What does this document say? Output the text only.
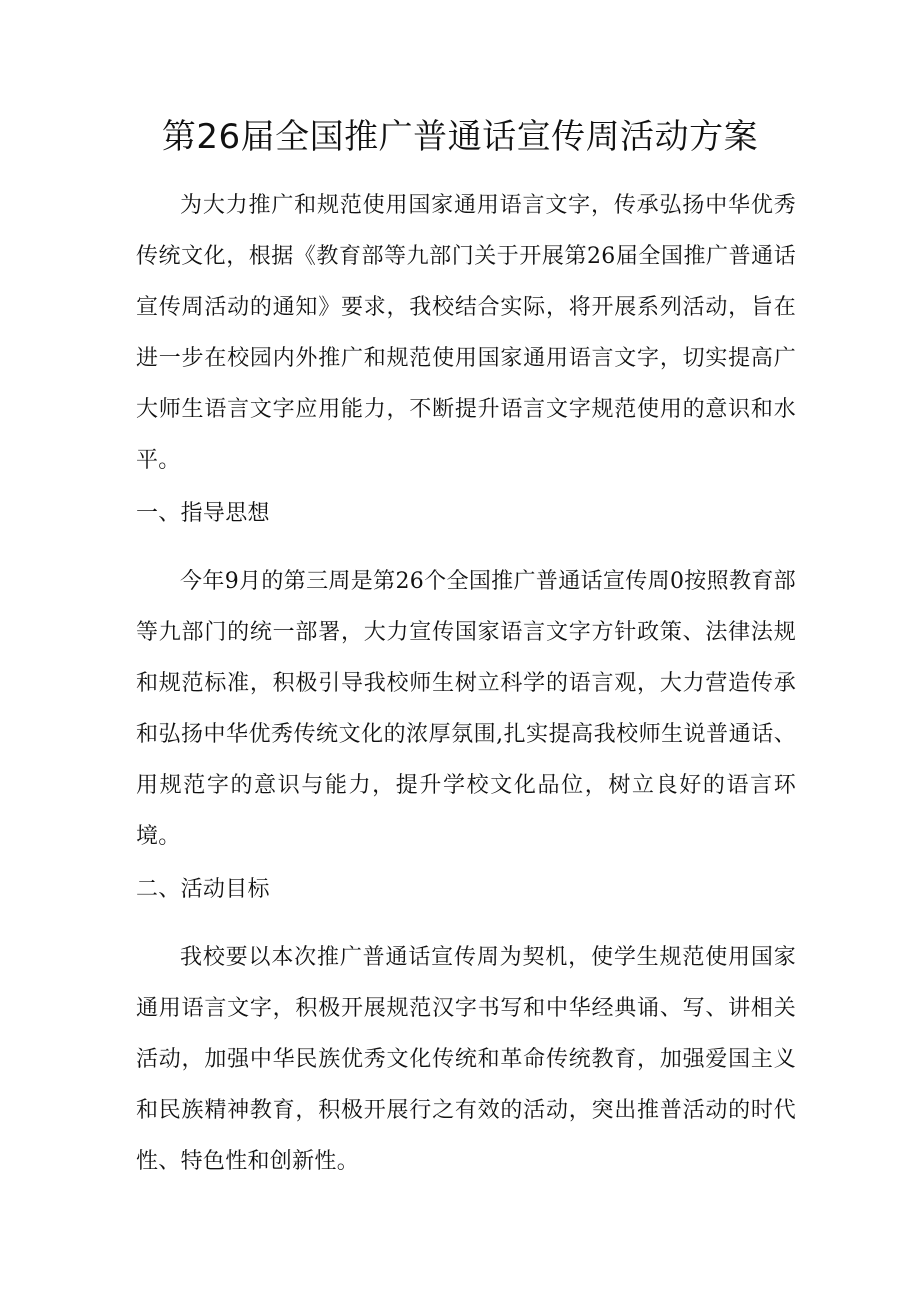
第26届全国推广普通话宣传周活动方案

为大力推广和规范使用国家通用语言文字，传承弘扬中华优秀传统文化，根据《教育部等九部门关于开展第26届全国推广普通话宣传周活动的通知》要求，我校结合实际，将开展系列活动，旨在进一步在校园内外推广和规范使用国家通用语言文字，切实提高广大师生语言文字应用能力，不断提升语言文字规范使用的意识和水平。

一、指导思想

今年9月的第三周是第26个全国推广普通话宣传周0按照教育部等九部门的统一部署，大力宣传国家语言文字方针政策、法律法规和规范标准，积极引导我校师生树立科学的语言观，大力营造传承和弘扬中华优秀传统文化的浓厚氛围,扎实提高我校师生说普通话、用规范字的意识与能力，提升学校文化品位，树立良好的语言环境。

二、活动目标

我校要以本次推广普通话宣传周为契机，使学生规范使用国家通用语言文字，积极开展规范汉字书写和中华经典诵、写、讲相关活动，加强中华民族优秀文化传统和革命传统教育，加强爱国主义和民族精神教育，积极开展行之有效的活动，突出推普活动的时代性、特色性和创新性。
